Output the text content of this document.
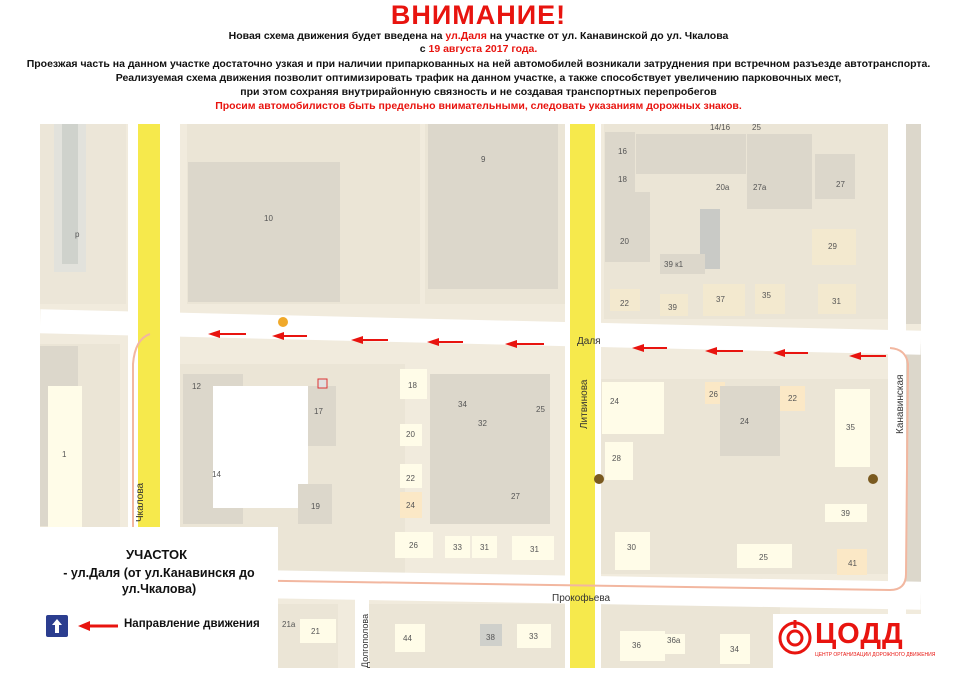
ВНИМАНИЕ!
Новая схема движения будет введена на ул.Даля на участке от ул. Канавинской до ул. Чкалова
с 19 августа 2017 года.
Проезжая часть на данном участке достаточно узкая и при наличии припаркованных на ней автомобилей возникали затруднения при встречном разъезде автотранспорта.
Реализуемая схема движения позволит оптимизировать трафик на данном участке, а также способствует увеличению парковочных мест,
при этом сохраняя внутрирайонную связность и не создавая транспортных перепробегов
Просим автомобилистов быть предельно внимательными, следовать указаниям дорожных знаков.
Даля
Литвинова	Канавинская
Чкалова
Прокофьева
Долгополова
16
14/16	25
9
18
20а	27а	27
10
20
29
39 к1
37	35
22	39
31
12	18
17
34
25
32
24
26	22
24
35
20
14
28
22
24
27
1
19
39
26	33 31	31	30
25
41
21а
21
44	38	33	36а
36	34
р
УЧАСТОК
- ул.Даля (от ул.Канавинскя до
ул.Чкалова)
Направление движения	ЦОДД
ЦЕНТР ОРГАНИЗАЦИИ ДОРОЖНОГО ДВИЖЕНИЯ
